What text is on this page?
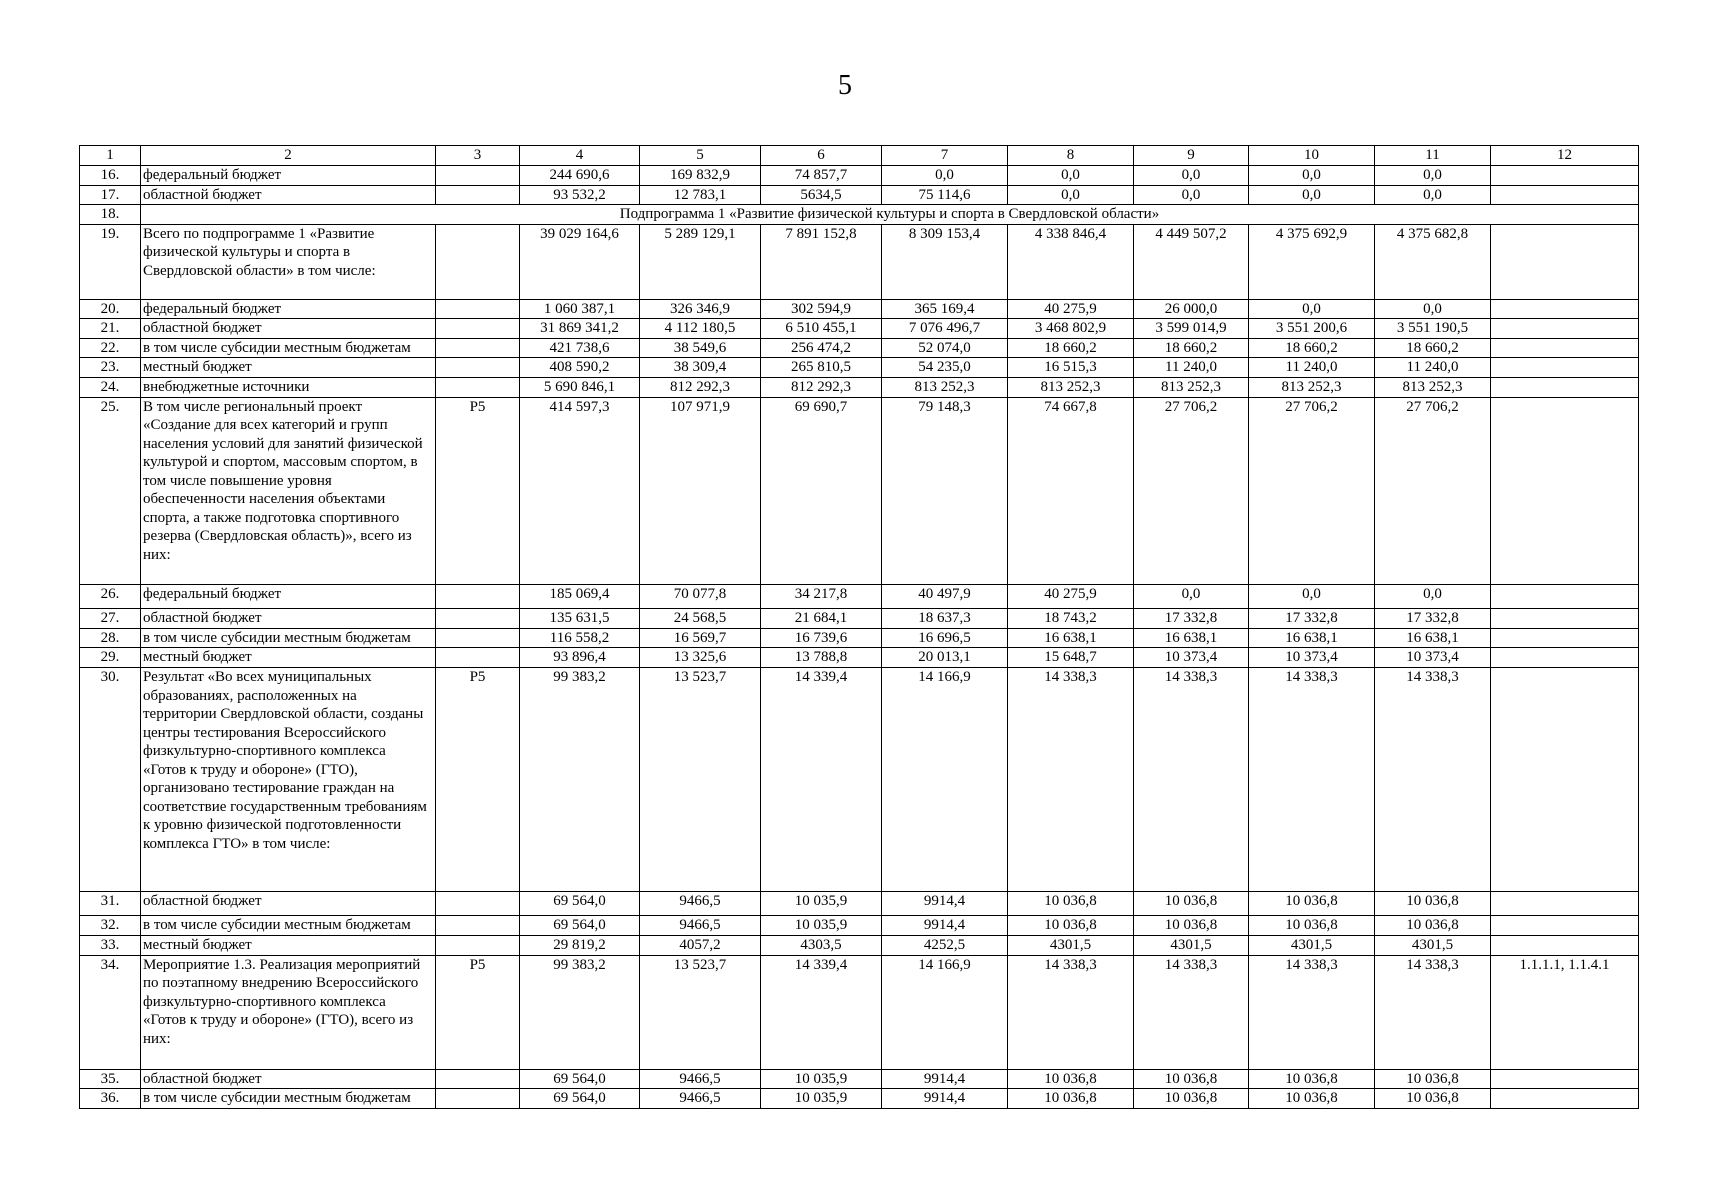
5
1	2	3	4	5	6	7	8	9	10	11	12
16.	федеральный бюджет		244 690,6	169 832,9	74 857,7	0,0	0,0	0,0	0,0	0,0	
17.	областной бюджет		93 532,2	12 783,1	5634,5	75 114,6	0,0	0,0	0,0	0,0	
18.	Подпрограмма 1 «Развитие физической культуры и спорта в Свердловской области»										
19.	Всего по подпрограмме 1 «Развитие физической культуры и спорта в Свердловской области» в том числе:		39 029 164,6	5 289 129,1	7 891 152,8	8 309 153,4	4 338 846,4	4 449 507,2	4 375 692,9	4 375 682,8	
20.	федеральный бюджет		1 060 387,1	326 346,9	302 594,9	365 169,4	40 275,9	26 000,0	0,0	0,0	
21.	областной бюджет		31 869 341,2	4 112 180,5	6 510 455,1	7 076 496,7	3 468 802,9	3 599 014,9	3 551 200,6	3 551 190,5	
22.	в том числе субсидии местным бюджетам		421 738,6	38 549,6	256 474,2	52 074,0	18 660,2	18 660,2	18 660,2	18 660,2	
23.	местный бюджет		408 590,2	38 309,4	265 810,5	54 235,0	16 515,3	11 240,0	11 240,0	11 240,0	
24.	внебюджетные источники		5 690 846,1	812 292,3	812 292,3	813 252,3	813 252,3	813 252,3	813 252,3	813 252,3	
25.	В том числе региональный проект «Создание для всех категорий и групп населения условий для занятий физической культурой и спортом, массовым спортом, в том числе повышение уровня обеспеченности населения объектами спорта, а также подготовка спортивного резерва (Свердловская область)», всего из них:	Р5	414 597,3	107 971,9	69 690,7	79 148,3	74 667,8	27 706,2	27 706,2	27 706,2	
26.	федеральный бюджет		185 069,4	70 077,8	34 217,8	40 497,9	40 275,9	0,0	0,0	0,0	
27.	областной бюджет		135 631,5	24 568,5	21 684,1	18 637,3	18 743,2	17 332,8	17 332,8	17 332,8	
28.	в том числе субсидии местным бюджетам		116 558,2	16 569,7	16 739,6	16 696,5	16 638,1	16 638,1	16 638,1	16 638,1	
29.	местный бюджет		93 896,4	13 325,6	13 788,8	20 013,1	15 648,7	10 373,4	10 373,4	10 373,4	
30.	Результат «Во всех муниципальных образованиях, расположенных на территории Свердловской области, созданы центры тестирования Всероссийского физкультурно-спортивного комплекса «Готов к труду и обороне» (ГТО), организовано тестирование граждан на соответствие государственным требованиям к уровню физической подготовленности комплекса ГТО» в том числе:	Р5	99 383,2	13 523,7	14 339,4	14 166,9	14 338,3	14 338,3	14 338,3	14 338,3	
31.	областной бюджет		69 564,0	9466,5	10 035,9	9914,4	10 036,8	10 036,8	10 036,8	10 036,8	
32.	в том числе субсидии местным бюджетам		69 564,0	9466,5	10 035,9	9914,4	10 036,8	10 036,8	10 036,8	10 036,8	
33.	местный бюджет		29 819,2	4057,2	4303,5	4252,5	4301,5	4301,5	4301,5	4301,5	
34.	Мероприятие 1.3. Реализация мероприятий по поэтапному внедрению Всероссийского физкультурно-спортивного комплекса «Готов к труду и обороне» (ГТО), всего из них:	Р5	99 383,2	13 523,7	14 339,4	14 166,9	14 338,3	14 338,3	14 338,3	14 338,3	1.1.1.1, 1.1.4.1
35.	областной бюджет		69 564,0	9466,5	10 035,9	9914,4	10 036,8	10 036,8	10 036,8	10 036,8	
36.	в том числе субсидии местным бюджетам		69 564,0	9466,5	10 035,9	9914,4	10 036,8	10 036,8	10 036,8	10 036,8	
